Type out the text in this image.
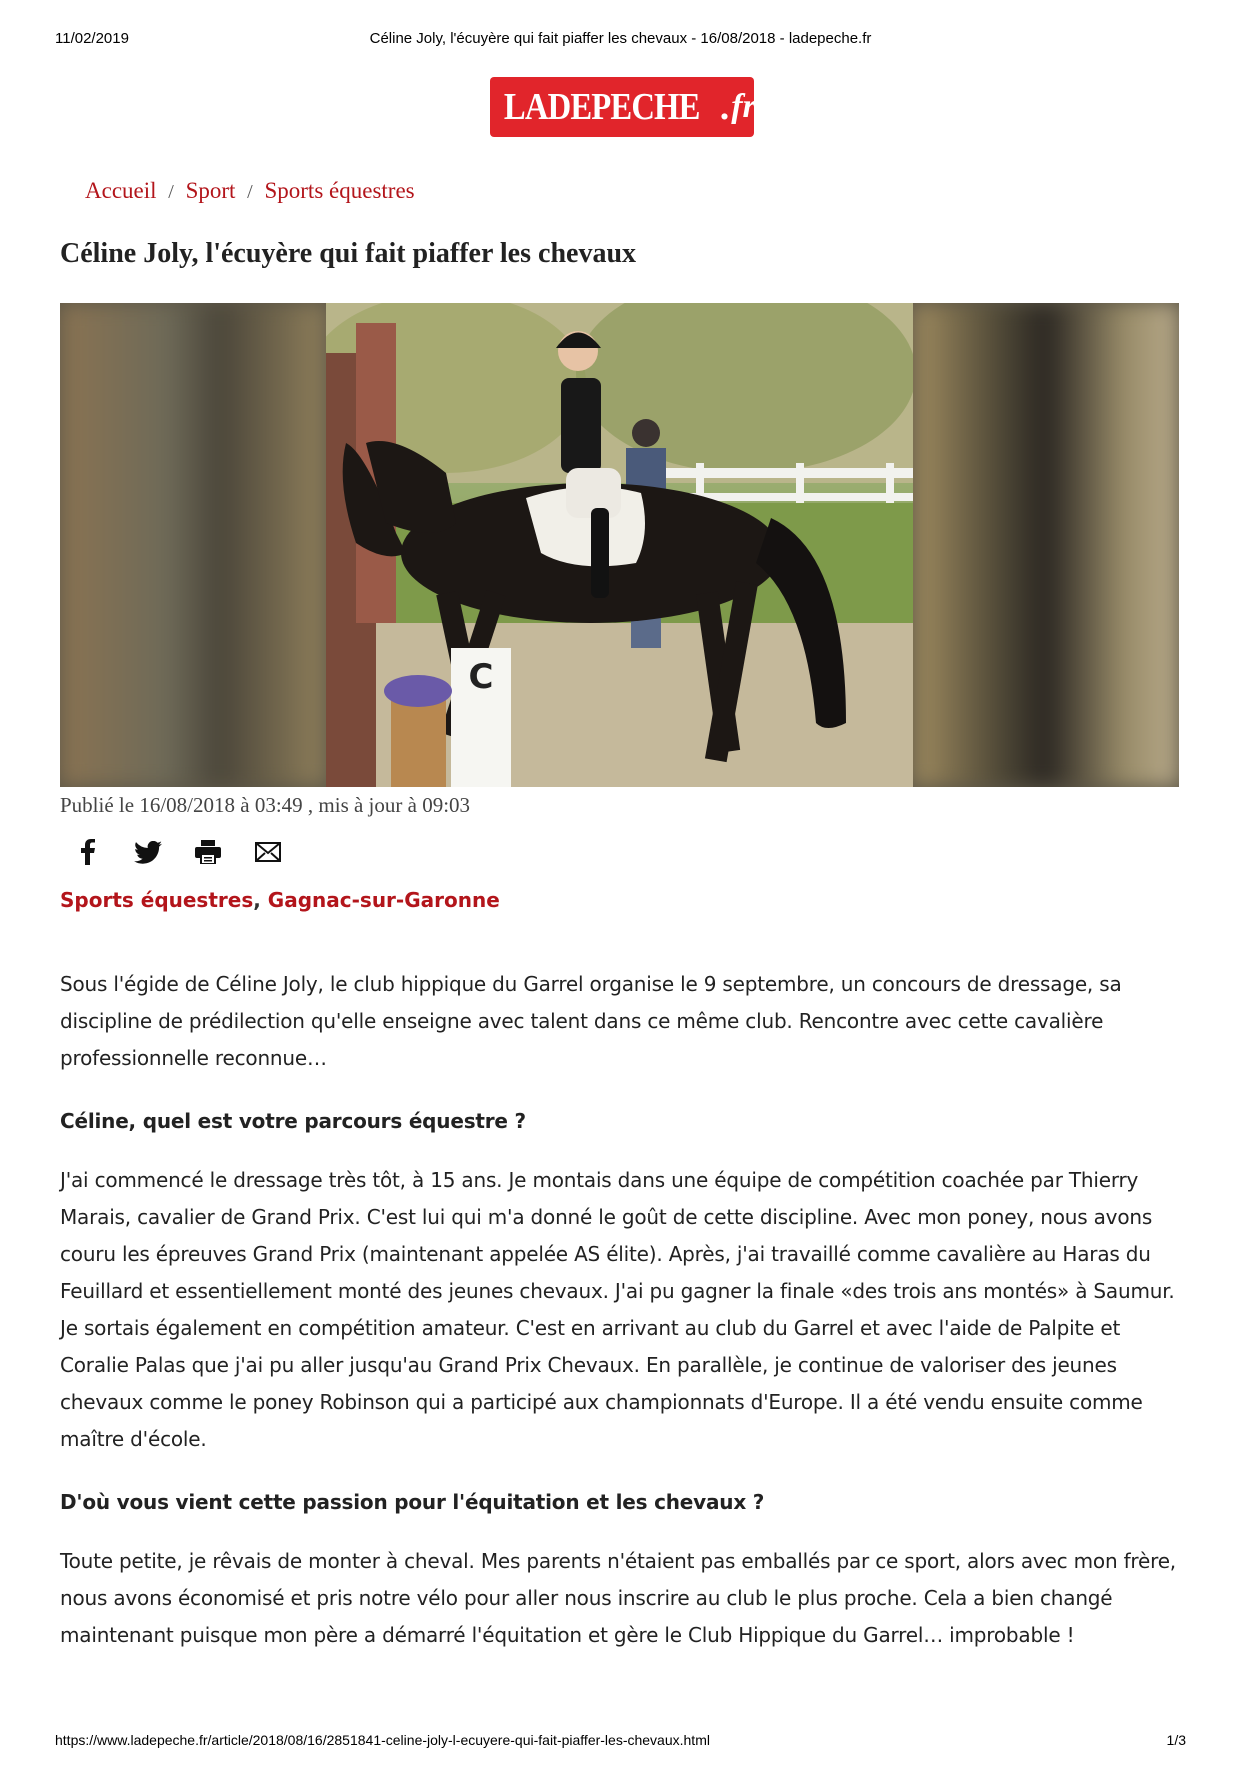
11/02/2019	Céline Joly, l'écuyère qui fait piaffer les chevaux - 16/08/2018 - ladepeche.fr
LADEPECHE . fr
Accueil / Sport / Sports équestres
Céline Joly, l'écuyère qui fait piaffer les chevaux
C
Publié le 16/08/2018 à 03:49 , mis à jour à 09:03
Sports équestres, Gagnac-sur-Garonne

Sous l'égide de Céline Joly, le club hippique du Garrel organise le 9 septembre, un concours de dressage, sa discipline de prédilection qu'elle enseigne avec talent dans ce même club. Rencontre avec cette cavalière professionnelle reconnue…

Céline, quel est votre parcours équestre ?

J'ai commencé le dressage très tôt, à 15 ans. Je montais dans une équipe de compétition coachée par Thierry Marais, cavalier de Grand Prix. C'est lui qui m'a donné le goût de cette discipline. Avec mon poney, nous avons couru les épreuves Grand Prix (maintenant appelée AS élite). Après, j'ai travaillé comme cavalière au Haras du Feuillard et essentiellement monté des jeunes chevaux. J'ai pu gagner la finale «des trois ans montés» à Saumur. Je sortais également en compétition amateur. C'est en arrivant au club du Garrel et avec l'aide de Palpite et Coralie Palas que j'ai pu aller jusqu'au Grand Prix Chevaux. En parallèle, je continue de valoriser des jeunes chevaux comme le poney Robinson qui a participé aux championnats d'Europe. Il a été vendu ensuite comme maître d'école.

D'où vous vient cette passion pour l'équitation et les chevaux ?

Toute petite, je rêvais de monter à cheval. Mes parents n'étaient pas emballés par ce sport, alors avec mon frère, nous avons économisé et pris notre vélo pour aller nous inscrire au club le plus proche. Cela a bien changé maintenant puisque mon père a démarré l'équitation et gère le Club Hippique du Garrel… improbable !

https://www.ladepeche.fr/article/2018/08/16/2851841-celine-joly-l-ecuyere-qui-fait-piaffer-les-chevaux.html	1/3
